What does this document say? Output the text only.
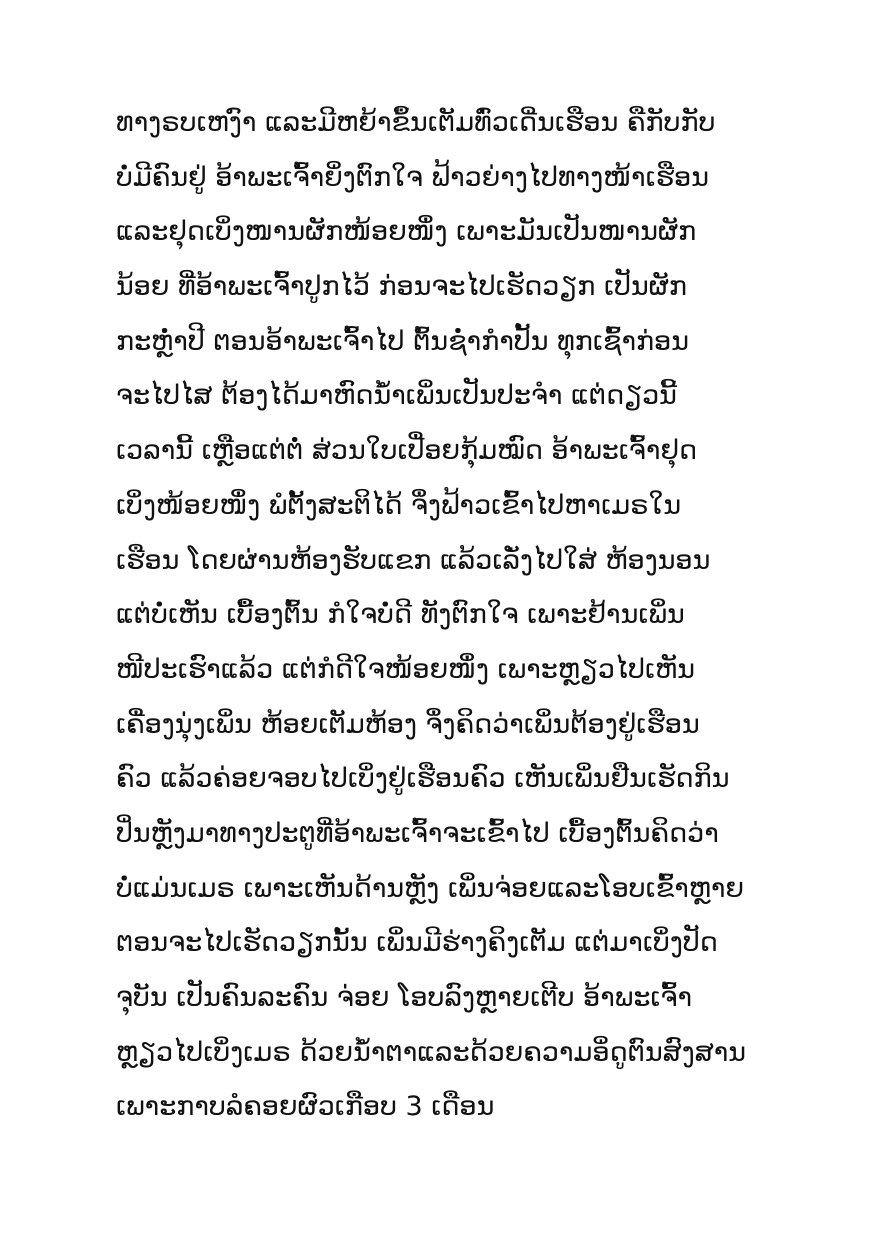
ທາງຣບເຫງົາ ແລະມີຫຍ້າຂຶ້ນເຕັມທົ່ວເດີ່ນເຮືອນ ຄືກັບກັບ
ບໍ່ມີຄົນຢູ່ ອ້າພະເຈົ້າຍິ່ງຕົກໃຈ ຟ້າວຍ່າງໄປທາງໜ້າເຮືອນ
ແລະຢຸດເບິ່ງໜານຜັກໜ້ອຍໜຶ່ງ ເພາະມັນເປັນໜານຜັກ
ນ້ອຍ ທີ່ອ້າພະເຈົ້າປູກໄວ້ ກ່ອນຈະໄປເຮັດວຽກ ເປັນຜັກ
ກະຫຼ່ຳປີ ຕອນອ້າພະເຈົ້າໄປ ຕົ້ນຊ່ຳກຳປັ້ນ ທຸກເຊົ້າກ່ອນ
ຈະໄປໄສ ຕ້ອງໄດ້ມາຫົດນ້ຳເພິ່ນເປັນປະຈຳ ແຕ່ດຽວນີ້
ເວລານີ້ ເຫຼືອແຕ່ຕໍ່ ສ່ວນໃບເປື່ອຍກຸ້ມໝົດ ອ້າພະເຈົ້າຢຸດ
ເບິ່ງໜ້ອຍໜຶ່ງ ພໍຕັ້ງສະຕິໄດ້ ຈຶ່ງຟ້າວເຂົ້າໄປຫາເມຣໃນ
ເຮືອນ ໂດຍຜ່ານຫ້ອງຮັບແຂກ ແລ້ວເລັ່ງໄປໃສ່ ຫ້ອງນອນ
ແຕ່ບໍ່ເຫັນ ເບື້ອງຕົ້ນ ກໍໃຈບໍ່ດີ ທັງຕົກໃຈ ເພາະຢ້ານເພິ່ນ
ໜີປະເຮົາແລ້ວ ແຕ່ກໍດີໃຈໜ້ອຍໜຶ່ງ ເພາະຫຼຽວໄປເຫັນ
ເຄື່ອງນຸ່ງເພິ່ນ ຫ້ອຍເຕັມຫ້ອງ ຈຶ່ງຄິດວ່າເພິ່ນຕ້ອງຢູ່ເຮືອນ
ຄົວ ແລ້ວຄ່ອຍຈອບໄປເບິ່ງຢູ່ເຮືອນຄົວ ເຫັນເພິ່ນຢືນເຮັດກິນ
ປິ່ນຫຼັງມາທາງປະຕູທີ່ອ້າພະເຈົ້າຈະເຂົ້າໄປ ເບື້ອງຕົ້ນຄິດວ່າ
ບໍ່ແມ່ນເມຣ ເພາະເຫັນດ້ານຫຼັງ ເພິ່ນຈ່ອຍແລະໂອບເຂົ້າຫຼາຍ
ຕອນຈະໄປເຮັດວຽກນັ້ນ ເພິ່ນມີຮ່າງຄິງເຕັມ ແຕ່ມາເບິ່ງປັດ
ຈຸບັນ ເປັນຄົນລະຄົນ ຈ່ອຍ ໂອບລົງຫຼາຍເຕີບ ອ້າພະເຈົ້າ
ຫຼຽວໄປເບິ່ງເມຣ ດ້ວຍນ້ຳຕາແລະດ້ວຍຄວາມອິ່ດູຕົນສົງສານ
ເພາະກາບລໍຄອຍຜົວເກືອບ 3 ເດືອນ
